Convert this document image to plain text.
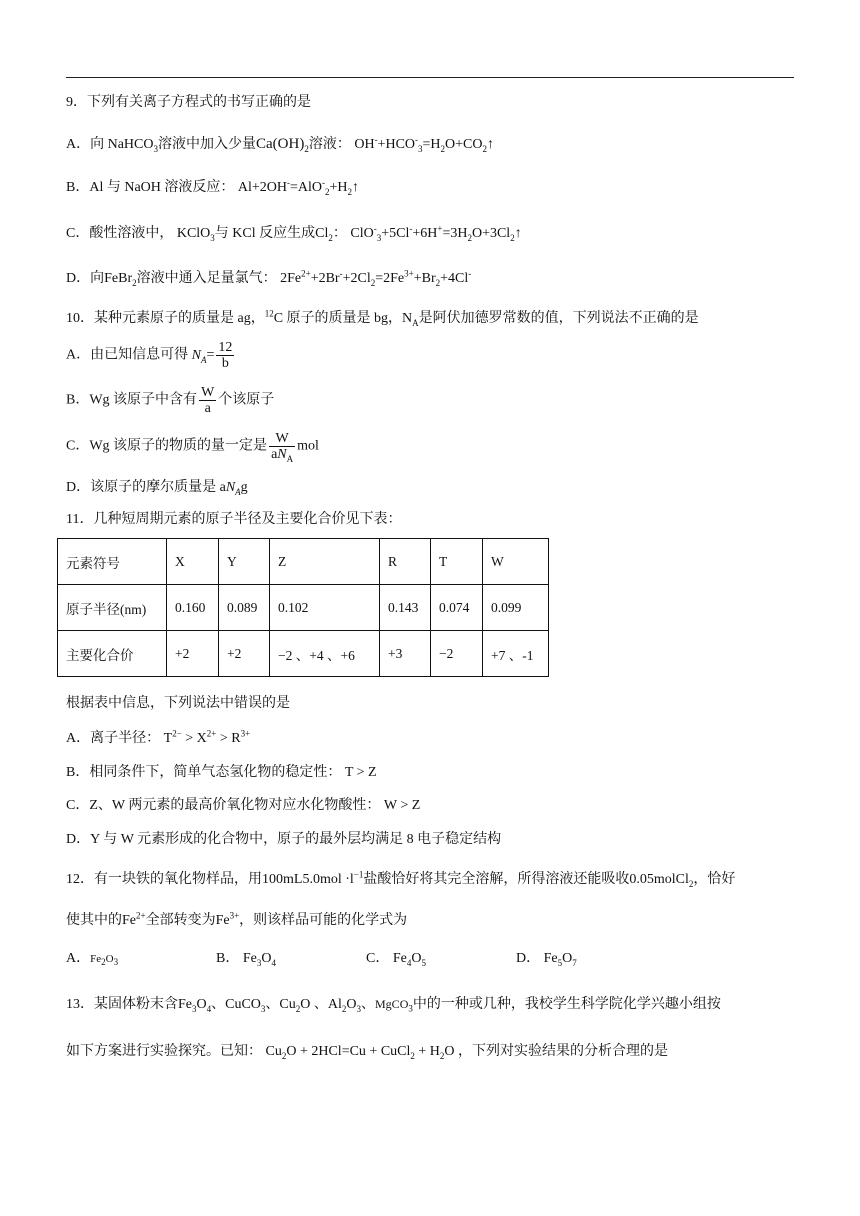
9．下列有关离子方程式的书写正确的是
A．向 NaHCO$_3$溶液中加入少量$Ca(OH)_2$溶液： $OH^-+HCO^-_3=H_2O+CO_2↑$
B．Al 与 NaOH 溶液反应： $Al+2OH^-=AlO^-_2+H_2↑$
C．酸性溶液中， KClO$_3$与 KCl 反应生成$Cl_2$： $ClO^-_3+5Cl^-+6H^+=3H_2O+3Cl_2↑$
D．向FeBr$_2$溶液中通入足量氯气： $2Fe^{2+}+2Br^-+2Cl_2=2Fe^{3+}+Br_2+4Cl^-$
10．某种元素原子的质量是 ag，$^{12}$C 原子的质量是 bg，$N_A$是阿伏加德罗常数的值，下列说法不正确的是
A．由已知信息可得 $N_A= \frac{12}{b}$
B．Wg 该原子中含有 $\frac{W}{a}$ 个该原子
C．Wg 该原子的物质的量一定是 $\frac{W}{aN_A}$ mol
D．该原子的摩尔质量是 $aN_Ag$
11．几种短周期元素的原子半径及主要化合价见下表：
元素符号	X	Y	Z	R	T	W
原子半径(nm)	0.160	0.089	0.102	0.143	0.074	0.099
主要化合价	+2	+2	−2 、+4 、+6	+3	−2	+7 、-1
根据表中信息，下列说法中错误的是
A．离子半径： $T^{2-} > X^{2+} > R^{3+}$
B．相同条件下，简单气态氢化物的稳定性： T > Z
C．Z、W 两元素的最高价氧化物对应水化物酸性： W > Z
D．Y 与 W 元素形成的化合物中，原子的最外层均满足 8 电子稳定结构
12．有一块铁的氧化物样品，用$100mL5.0mol \cdot l^{-1}$盐酸恰好将其完全溶解，所得溶液还能吸收0.05molCl$_2$，恰好
使其中的$Fe^{2+}$全部转变为$Fe^{3+}$，则该样品可能的化学式为
A．$Fe_2O_3$	B． $Fe_3O_4$	C． $Fe_4O_5$	D． $Fe_5O_7$
13．某固体粉末含$Fe_3O_4$、CuCO$_3$、$Cu_2O$ 、$Al_2O_3$、MgCO$_3$中的一种或几种，我校学生科学院化学兴趣小组按
如下方案进行实验探究。已知： $Cu_2O + 2HCl=Cu$ + CuCl$_2$ + $H_2O$ ，下列对实验结果的分析合理的是
